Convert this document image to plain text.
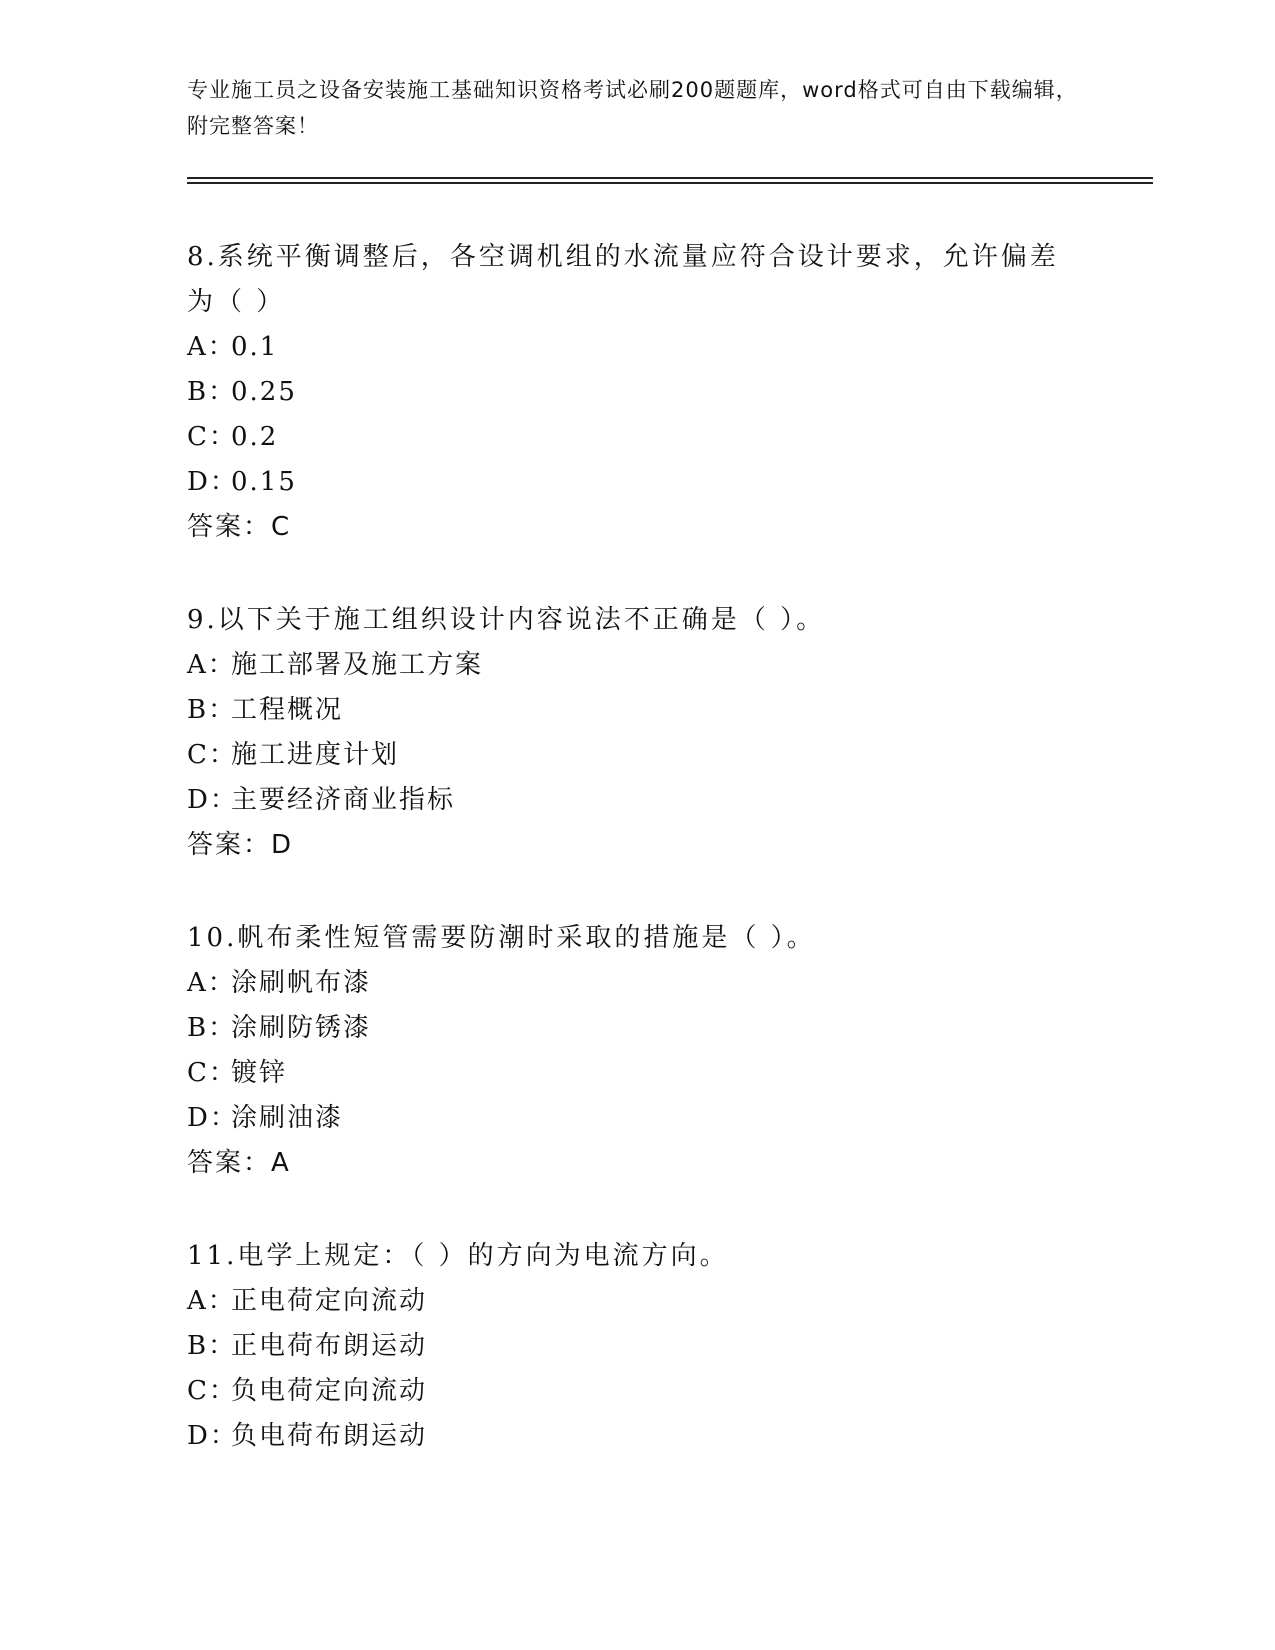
专业施工员之设备安装施工基础知识资格考试必刷200题题库，word格式可自由下载编辑，附完整答案！

8.系统平衡调整后，各空调机组的水流量应符合设计要求，允许偏差为（ ）

A：0.1

B：0.25

C：0.2

D：0.15

答案：C

9.以下关于施工组织设计内容说法不正确是（ ）。

A：施工部署及施工方案

B：工程概况

C：施工进度计划

D：主要经济商业指标

答案：D

10.帆布柔性短管需要防潮时采取的措施是（ ）。

A：涂刷帆布漆

B：涂刷防锈漆

C：镀锌

D：涂刷油漆

答案：A

11.电学上规定：（ ）的方向为电流方向。

A：正电荷定向流动

B：正电荷布朗运动

C：负电荷定向流动

D：负电荷布朗运动
